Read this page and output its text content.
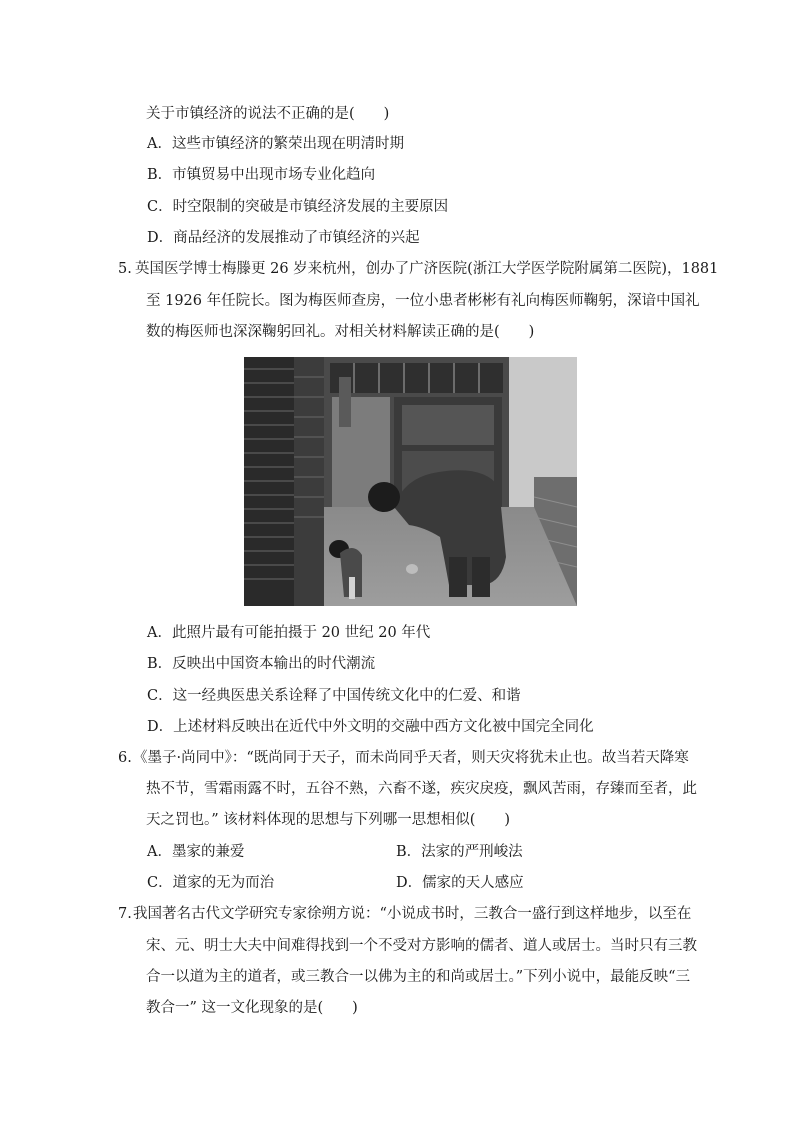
关于市镇经济的说法不正确的是(　　)
A．这些市镇经济的繁荣出现在明清时期
B．市镇贸易中出现市场专业化趋向
C．时空限制的突破是市镇经济发展的主要原因
D．商品经济的发展推动了市镇经济的兴起
5. 英国医学博士梅滕更 26 岁来杭州，创办了广济医院(浙江大学医学院附属第二医院)，1881
至 1926 年任院长。图为梅医师查房，一位小患者彬彬有礼向梅医师鞠躬，深谙中国礼
数的梅医师也深深鞠躬回礼。对相关材料解读正确的是(　　)
A．此照片最有可能拍摄于 20 世纪 20 年代
B．反映出中国资本输出的时代潮流
C．这一经典医患关系诠释了中国传统文化中的仁爱、和谐
D．上述材料反映出在近代中外文明的交融中西方文化被中国完全同化
6. 《墨子·尚同中》：“既尚同于天子，而未尚同乎天者，则天灾将犹未止也。故当若天降寒
热不节，雪霜雨露不时，五谷不熟，六畜不遂，疾灾戾疫，飘风苦雨，存臻而至者，此
天之罚也。” 该材料体现的思想与下列哪一思想相似(　　)
A．墨家的兼爱	B．法家的严刑峻法
C．道家的无为而治	D．儒家的天人感应
7. 我国著名古代文学研究专家徐朔方说：“小说成书时，三教合一盛行到这样地步，以至在
宋、元、明士大夫中间难得找到一个不受对方影响的儒者、道人或居士。当时只有三教
合一以道为主的道者，或三教合一以佛为主的和尚或居士。”下列小说中，最能反映“三
教合一” 这一文化现象的是(　　)
